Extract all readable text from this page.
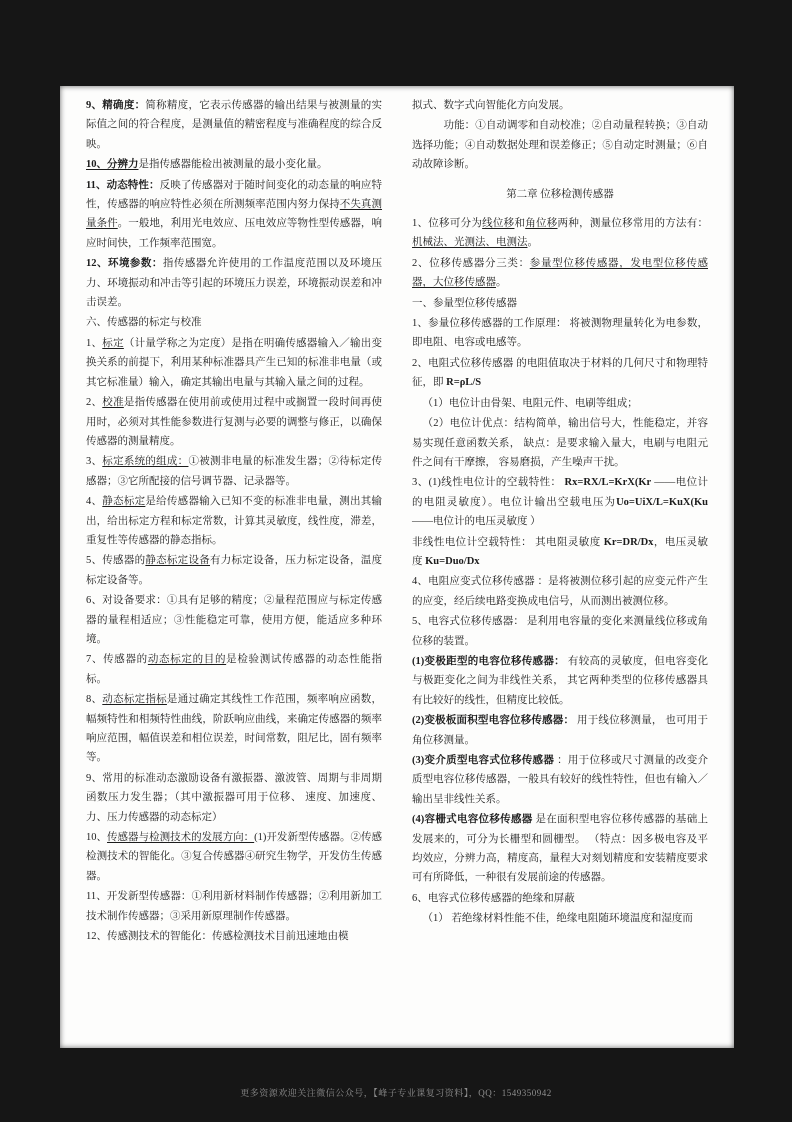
9、精确度：简称精度，它表示传感器的输出结果与被测量的实际值之间的符合程度，是测量值的精密程度与准确程度的综合反映。
10、分辨力是指传感器能检出被测量的最小变化量。
11、动态特性：反映了传感器对于随时间变化的动态量的响应特性，传感器的响应特性必须在所测频率范围内努力保持不失真测量条件。一般地，利用光电效应、压电效应等物性型传感器，响应时间快，工作频率范围宽。
12、环境参数：指传感器允许使用的工作温度范围以及环境压力、环境振动和冲击等引起的环境压力误差，环境振动误差和冲击误差。
六、传感器的标定与校准
1、标定（计量学称之为定度）是指在明确传感器输入／输出变换关系的前提下，利用某种标准器具产生已知的标准非电量（或其它标准量）输入，确定其输出电量与其输入量之间的过程。
2、校准是指传感器在使用前或使用过程中或搁置一段时间再使用时，必须对其性能参数进行复测与必要的调整与修正，以确保传感器的测量精度。
3、标定系统的组成：①被测非电量的标准发生器；②待标定传感器；③它所配接的信号调节器、记录器等。
4、静态标定是给传感器输入已知不变的标准非电量，测出其输出，给出标定方程和标定常数，计算其灵敏度，线性度，滞差，重复性等传感器的静态指标。
5、传感器的静态标定设备有力标定设备，压力标定设备，温度标定设备等。
6、对设备要求：①具有足够的精度；②量程范围应与标定传感器的量程相适应；③性能稳定可靠，使用方便，能适应多种环境。
7、传感器的动态标定的目的是检验测试传感器的动态性能指标。
8、动态标定指标是通过确定其线性工作范围，频率响应函数，幅频特性和相频特性曲线，阶跃响应曲线，来确定传感器的频率响应范围，幅值误差和相位误差，时间常数，阻尼比，固有频率等。
9、常用的标准动态激励设备有激振器、激波管、周期与非周期函数压力发生器；（其中激振器可用于位移、 速度、加速度、力、压力传感器的动态标定）
10、传感器与检测技术的发展方向：(1)开发新型传感器。②传感检测技术的智能化。③复合传感器④研究生物学，开发仿生传感器。
11、开发新型传感器：①利用新材料制作传感器；②利用新加工技术制作传感器；③采用新原理制作传感器。
12、传感测技术的智能化：传感检测技术目前迅速地由模
拟式、数字式向智能化方向发展。
功能：①自动调零和自动校准；②自动量程转换；③自动选择功能；④自动数据处理和误差修正；⑤自动定时测量；⑥自动故障诊断。
第二章 位移检测传感器
1、位移可分为线位移和角位移两种，测量位移常用的方法有：机械法、光测法、电测法。
2、位移传感器分三类：参量型位移传感器，发电型位移传感器，大位移传感器。
一、参量型位移传感器
1、参量位移传感器的工作原理： 将被测物理量转化为电参数，即电阻、电容或电感等。
2、电阻式位移传感器 的电阻值取决于材料的几何尺寸和物理特征，即 R=ρL/S
（1）电位计由骨架、电阻元件、电刷等组成；
（2）电位计优点：结构简单，输出信号大，性能稳定，并容易实现任意函数关系， 缺点：是要求输入量大，电刷与电阻元件之间有干摩擦， 容易磨损，产生噪声干扰。
3、(1)线性电位计的空载特性： Rx=RX/L=KrX(Kr ——电位计的电阻灵敏度）。电位计输出空载电压为Uo=UiX/L=KuX(Ku ——电位计的电压灵敏度 ）
非线性电位计空载特性： 其电阻灵敏度 Kr=DR/Dx，电压灵敏度 Ku=Duo/Dx
4、电阻应变式位移传感器 ：是将被测位移引起的应变元件产生的应变，经后续电路变换成电信号，从而测出被测位移。
5、电容式位移传感器： 是利用电容量的变化来测量线位移或角位移的装置。
(1)变极距型的电容位移传感器： 有较高的灵敏度，但电容变化与极距变化之间为非线性关系， 其它两种类型的位移传感器具有比较好的线性，但精度比较低。
(2)变极板面积型电容位移传感器： 用于线位移测量， 也可用于角位移测量。
(3)变介质型电容式位移传感器 ：用于位移或尺寸测量的改变介质型电容位移传感器，一般具有较好的线性特性，但也有输入／输出呈非线性关系。
(4)容栅式电容位移传感器 是在面积型电容位移传感器的基础上发展来的，可分为长栅型和圆栅型。 （特点：因多极电容及平均效应，分辨力高，精度高，量程大对刻划精度和安装精度要求可有所降低，一种很有发展前途的传感器。
6、电容式位移传感器的绝缘和屏蔽
（1） 若绝缘材料性能不佳，绝缘电阻随环境温度和湿度而
更多资源欢迎关注微信公众号，【峰子专业课复习资料】，QQ：1549350942
